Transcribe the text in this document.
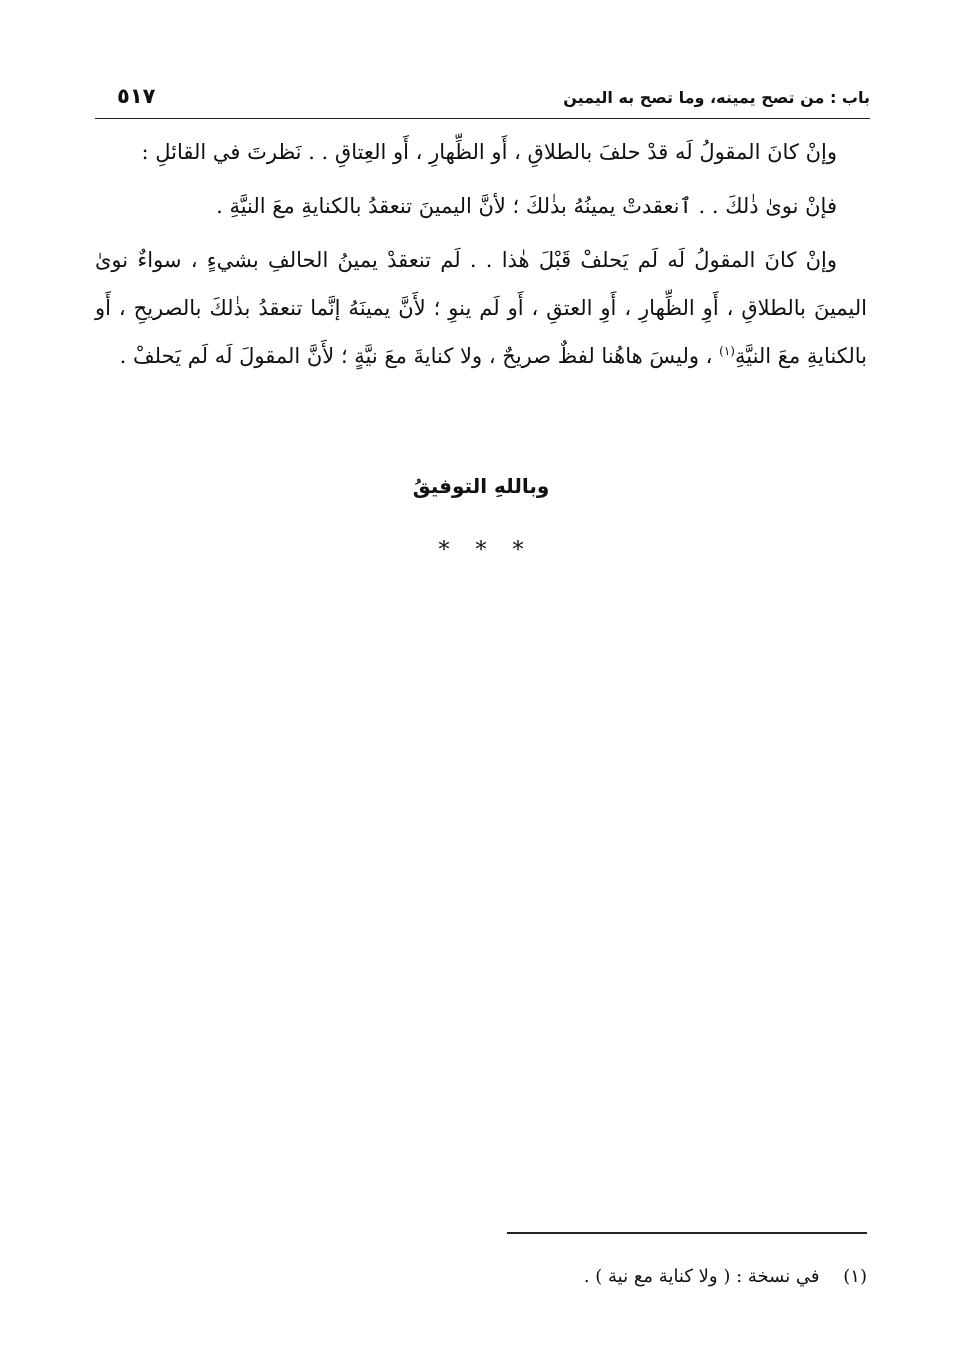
باب : من تصح يمينه، وما تصح به اليمين
٥١٧

وإنْ كانَ المقولُ لَه قدْ حلفَ بالطلاقِ ، أَو الظِّهارِ ، أَو العِتاقِ . . نَظرتَ في القائلِ :

فإنْ نوىٰ ذٰلكَ . . ٱنعقدتْ يمينُهُ بذٰلكَ ؛ لأنَّ اليمينَ تنعقدُ بالكنايةِ معَ النيَّةِ .

وإنْ كانَ المقولُ لَه لَم يَحلفْ قَبْلَ هٰذا . . لَم تنعقدْ يمينُ الحالفِ بشيءٍ ، سواءٌ نوىٰ اليمينَ بالطلاقِ ، أَوِ الظِّهارِ ، أَوِ العتقِ ، أَو لَم ينوِ ؛ لأَنَّ يمينَهُ إنَّما تنعقدُ بذٰلكَ بالصريحِ ، أَو بالكنايةِ معَ النيَّةِ$^{(١)}$ ، وليسَ هاهُنا لفظٌ صريحٌ ، ولا كنايةَ معَ نيَّةٍ ؛ لأَنَّ المقولَ لَه لَم يَحلفْ .

وباللهِ التوفيقُ
***
(١) في نسخة : ( ولا كناية مع نية ) .
